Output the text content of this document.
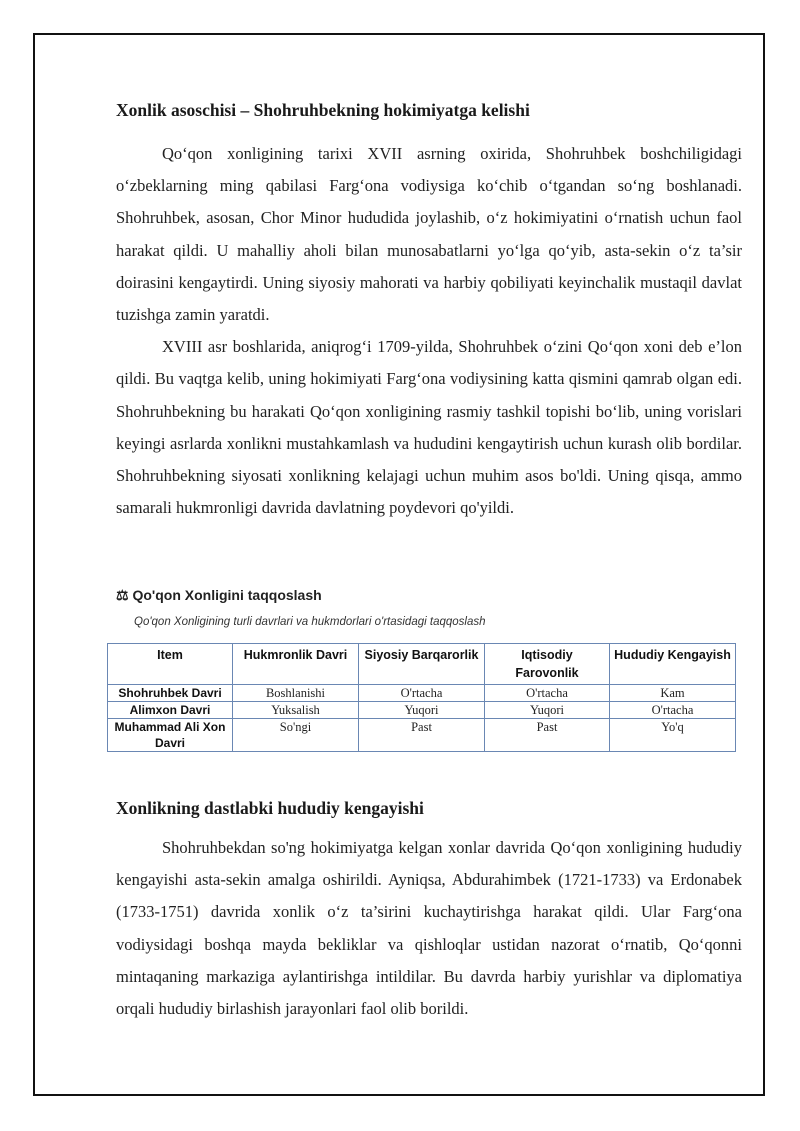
Xonlik asoschisi – Shohruhbekning hokimiyatga kelishi

Qo‘qon xonligining tarixi XVII asrning oxirida, Shohruhbek boshchiligidagi o‘zbeklarning ming qabilasi Farg‘ona vodiysiga ko‘chib o‘tgandan so‘ng boshlanadi. Shohruhbek, asosan, Chor Minor hududida joylashib, o‘z hokimiyatini o‘rnatish uchun faol harakat qildi. U mahalliy aholi bilan munosabatlarni yo‘lga qo‘yib, asta-sekin o‘z ta’sir doirasini kengaytirdi. Uning siyosiy mahorati va harbiy qobiliyati keyinchalik mustaqil davlat tuzishga zamin yaratdi.

XVIII asr boshlarida, aniqrog‘i 1709-yilda, Shohruhbek o‘zini Qo‘qon xoni deb e’lon qildi. Bu vaqtga kelib, uning hokimiyati Farg‘ona vodiysining katta qismini qamrab olgan edi. Shohruhbekning bu harakati Qo‘qon xonligining rasmiy tashkil topishi bo‘lib, uning vorislari keyingi asrlarda xonlikni mustahkamlash va hududini kengaytirish uchun kurash olib bordilar. Shohruhbekning siyosati xonlikning kelajagi uchun muhim asos bo'ldi. Uning qisqa, ammo samarali hukmronligi davrida davlatning poydevori qo'yildi.

⚖ Qo'qon Xonligini taqqoslash
Qo'qon Xonligining turli davrlari va hukmdorlari o'rtasidagi taqqoslash
Item	Hukmronlik Davri	Siyosiy Barqarorlik	Iqtisodiy Farovonlik	Hududiy Kengayish
Shohruhbek Davri	Boshlanishi	O'rtacha	O'rtacha	Kam
Alimxon Davri	Yuksalish	Yuqori	Yuqori	O'rtacha
Muhammad Ali Xon Davri	So'ngi	Past	Past	Yo'q
Xonlikning dastlabki hududiy kengayishi

Shohruhbekdan so'ng hokimiyatga kelgan xonlar davrida Qo‘qon xonligining hududiy kengayishi asta-sekin amalga oshirildi. Ayniqsa, Abdurahimbek (1721-1733) va Erdonabek (1733-1751) davrida xonlik o‘z ta’sirini kuchaytirishga harakat qildi. Ular Farg‘ona vodiysidagi boshqa mayda bekliklar va qishloqlar ustidan nazorat o‘rnatib, Qo‘qonni mintaqaning markaziga aylantirishga intildilar. Bu davrda harbiy yurishlar va diplomatiya orqali hududiy birlashish jarayonlari faol olib borildi.
